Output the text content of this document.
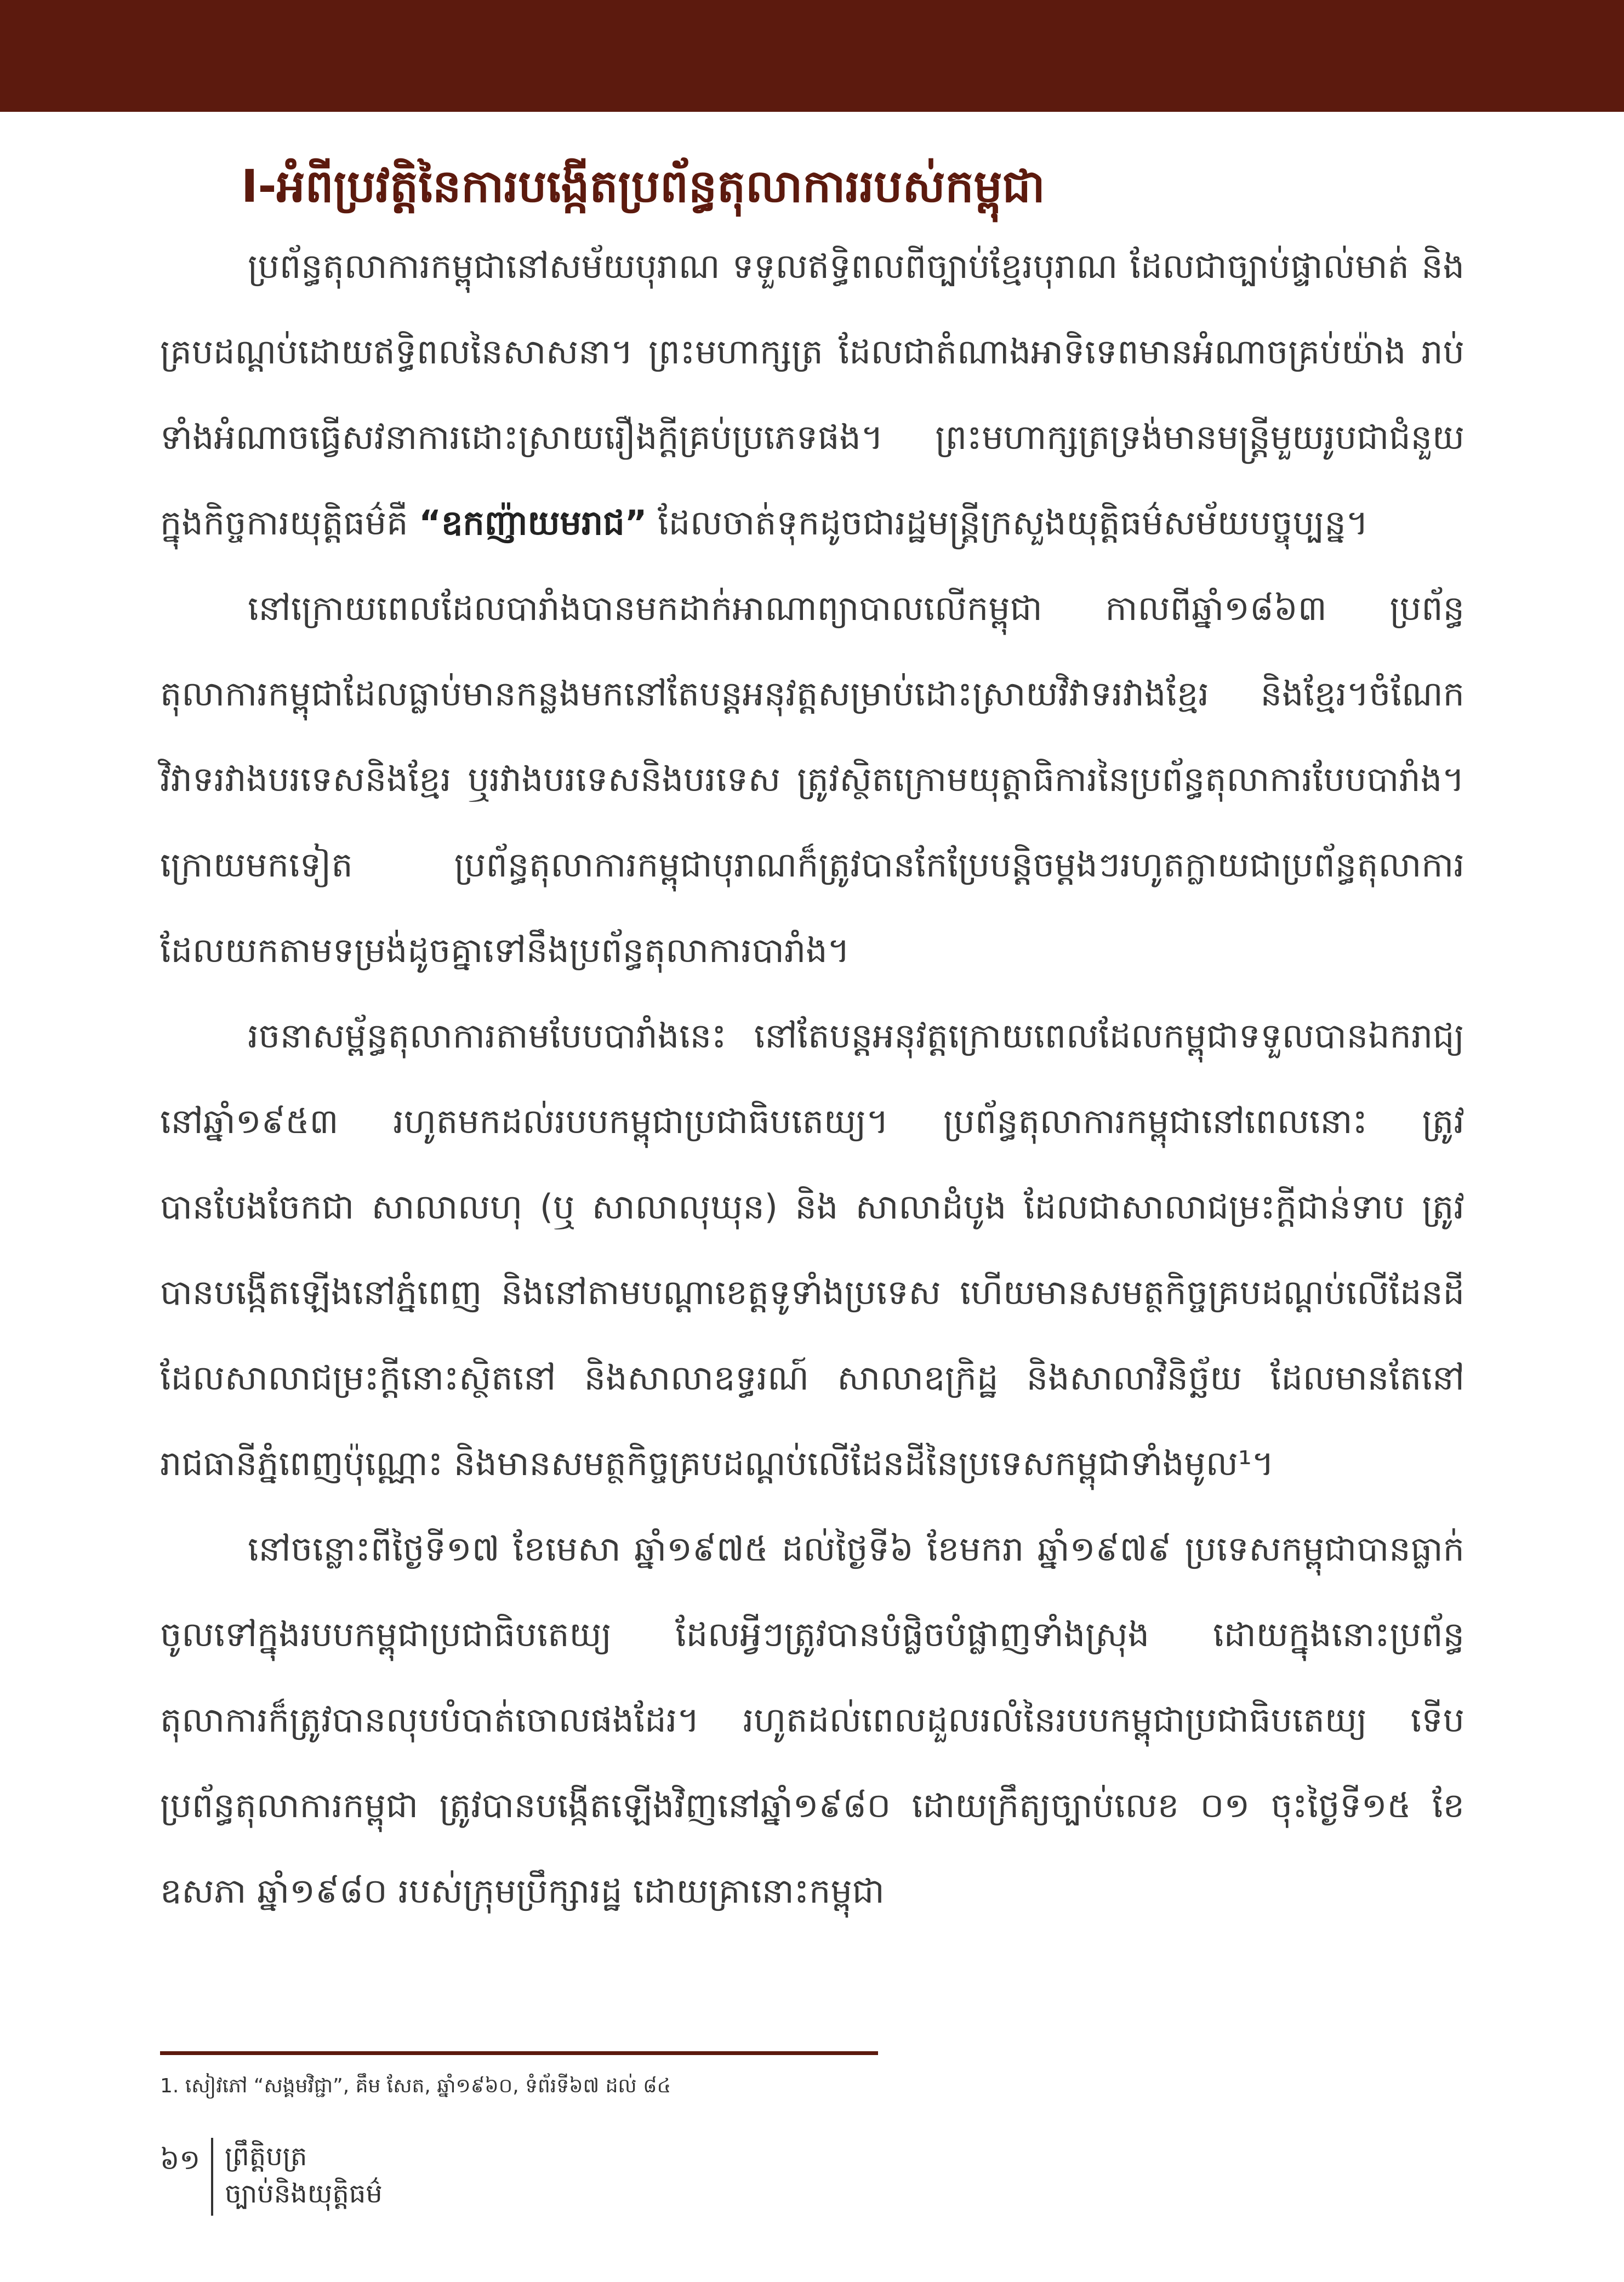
I-អំពីប្រវត្តិនៃការបង្កើតប្រព័ន្ធតុលាការរបស់កម្ពុជា

ប្រព័ន្ធតុលាការកម្ពុជានៅសម័យបុរាណ ទទួលឥទ្ធិពលពីច្បាប់ខ្មែរបុរាណ ដែលជាច្បាប់ផ្ទាល់មាត់ និងគ្របដណ្ដប់ដោយឥទ្ធិពលនៃសាសនា។ ព្រះមហាក្សត្រ ដែលជាតំណាងអាទិទេពមានអំណាចគ្រប់យ៉ាង រាប់ទាំងអំណាចធ្វើសវនាការដោះស្រាយរឿងក្ដីគ្រប់ប្រភេទផង។ ព្រះមហាក្សត្រទ្រង់មានមន្ត្រីមួយរូបជាជំនួយក្នុងកិច្ចការយុត្តិធម៌គឺ “ឧកញ៉ាយមរាជ” ដែលចាត់ទុកដូចជារដ្ឋមន្ត្រីក្រសួងយុត្តិធម៌សម័យបច្ចុប្បន្ន។

នៅក្រោយពេលដែលបារាំងបានមកដាក់អាណាព្យាបាលលើកម្ពុជា កាលពីឆ្នាំ១៨៦៣ ប្រព័ន្ធតុលាការកម្ពុជាដែលធ្លាប់មានកន្លងមកនៅតែបន្តអនុវត្តសម្រាប់ដោះស្រាយវិវាទរវាងខ្មែរ និងខ្មែរ។ចំណែកវិវាទរវាងបរទេសនិងខ្មែរ ឬរវាងបរទេសនិងបរទេស ត្រូវស្ថិតក្រោមយុត្តាធិការនៃប្រព័ន្ធតុលាការបែបបារាំង។ ក្រោយមកទៀត ប្រព័ន្ធតុលាការកម្ពុជាបុរាណក៏ត្រូវបានកែប្រែបន្តិចម្ដងៗរហូតក្លាយជាប្រព័ន្ធតុលាការដែលយកតាមទម្រង់ដូចគ្នាទៅនឹងប្រព័ន្ធតុលាការបារាំង។

រចនាសម្ព័ន្ធតុលាការតាមបែបបារាំងនេះ នៅតែបន្តអនុវត្តក្រោយពេលដែលកម្ពុជាទទួលបានឯករាជ្យនៅឆ្នាំ១៩៥៣ រហូតមកដល់របបកម្ពុជាប្រជាធិបតេយ្យ។ ប្រព័ន្ធតុលាការកម្ពុជានៅពេលនោះ ត្រូវបានបែងចែកជា សាលាលហុ (ឬ សាលាលុឃុន) និង សាលាដំបូង ដែលជាសាលាជម្រះក្ដីជាន់ទាប ត្រូវបានបង្កើតឡើងនៅភ្នំពេញ និងនៅតាមបណ្ដាខេត្តទូទាំងប្រទេស ហើយមានសមត្ថកិច្ចគ្របដណ្ដប់លើដែនដីដែលសាលាជម្រះក្ដីនោះស្ថិតនៅ និងសាលាឧទ្ធរណ៍ សាលាឧក្រិដ្ឋ និងសាលាវិនិច្ឆ័យ ដែលមានតែនៅរាជធានីភ្នំពេញប៉ុណ្ណោះ និងមានសមត្ថកិច្ចគ្របដណ្ដប់លើដែនដីនៃប្រទេសកម្ពុជាទាំងមូល¹។

នៅចន្លោះពីថ្ងៃទី១៧ ខែមេសា ឆ្នាំ១៩៧៥ ដល់ថ្ងៃទី៦ ខែមករា ឆ្នាំ១៩៧៩ ប្រទេសកម្ពុជាបានធ្លាក់ចូលទៅក្នុងរបបកម្ពុជាប្រជាធិបតេយ្យ ដែលអ្វីៗត្រូវបានបំផ្លិចបំផ្លាញទាំងស្រុង ដោយក្នុងនោះប្រព័ន្ធតុលាការក៏ត្រូវបានលុបបំបាត់ចោលផងដែរ។ រហូតដល់ពេលដួលរលំនៃរបបកម្ពុជាប្រជាធិបតេយ្យ ទើបប្រព័ន្ធតុលាការកម្ពុជា ត្រូវបានបង្កើតឡើងវិញនៅឆ្នាំ១៩៨០ ដោយក្រឹត្យច្បាប់លេខ ០១ ចុះថ្ងៃទី១៥ ខែឧសភា ឆ្នាំ១៩៨០ របស់ក្រុមប្រឹក្សារដ្ឋ ដោយគ្រានោះកម្ពុជា

1. សៀវភៅ “សង្គមវិជ្ជា”, គឹម សែត, ឆ្នាំ១៩៦០, ទំព័រទី៦៧ ដល់ ៨៤
៦១ ព្រឹត្តិបត្រ
ច្បាប់និងយុត្តិធម៌
